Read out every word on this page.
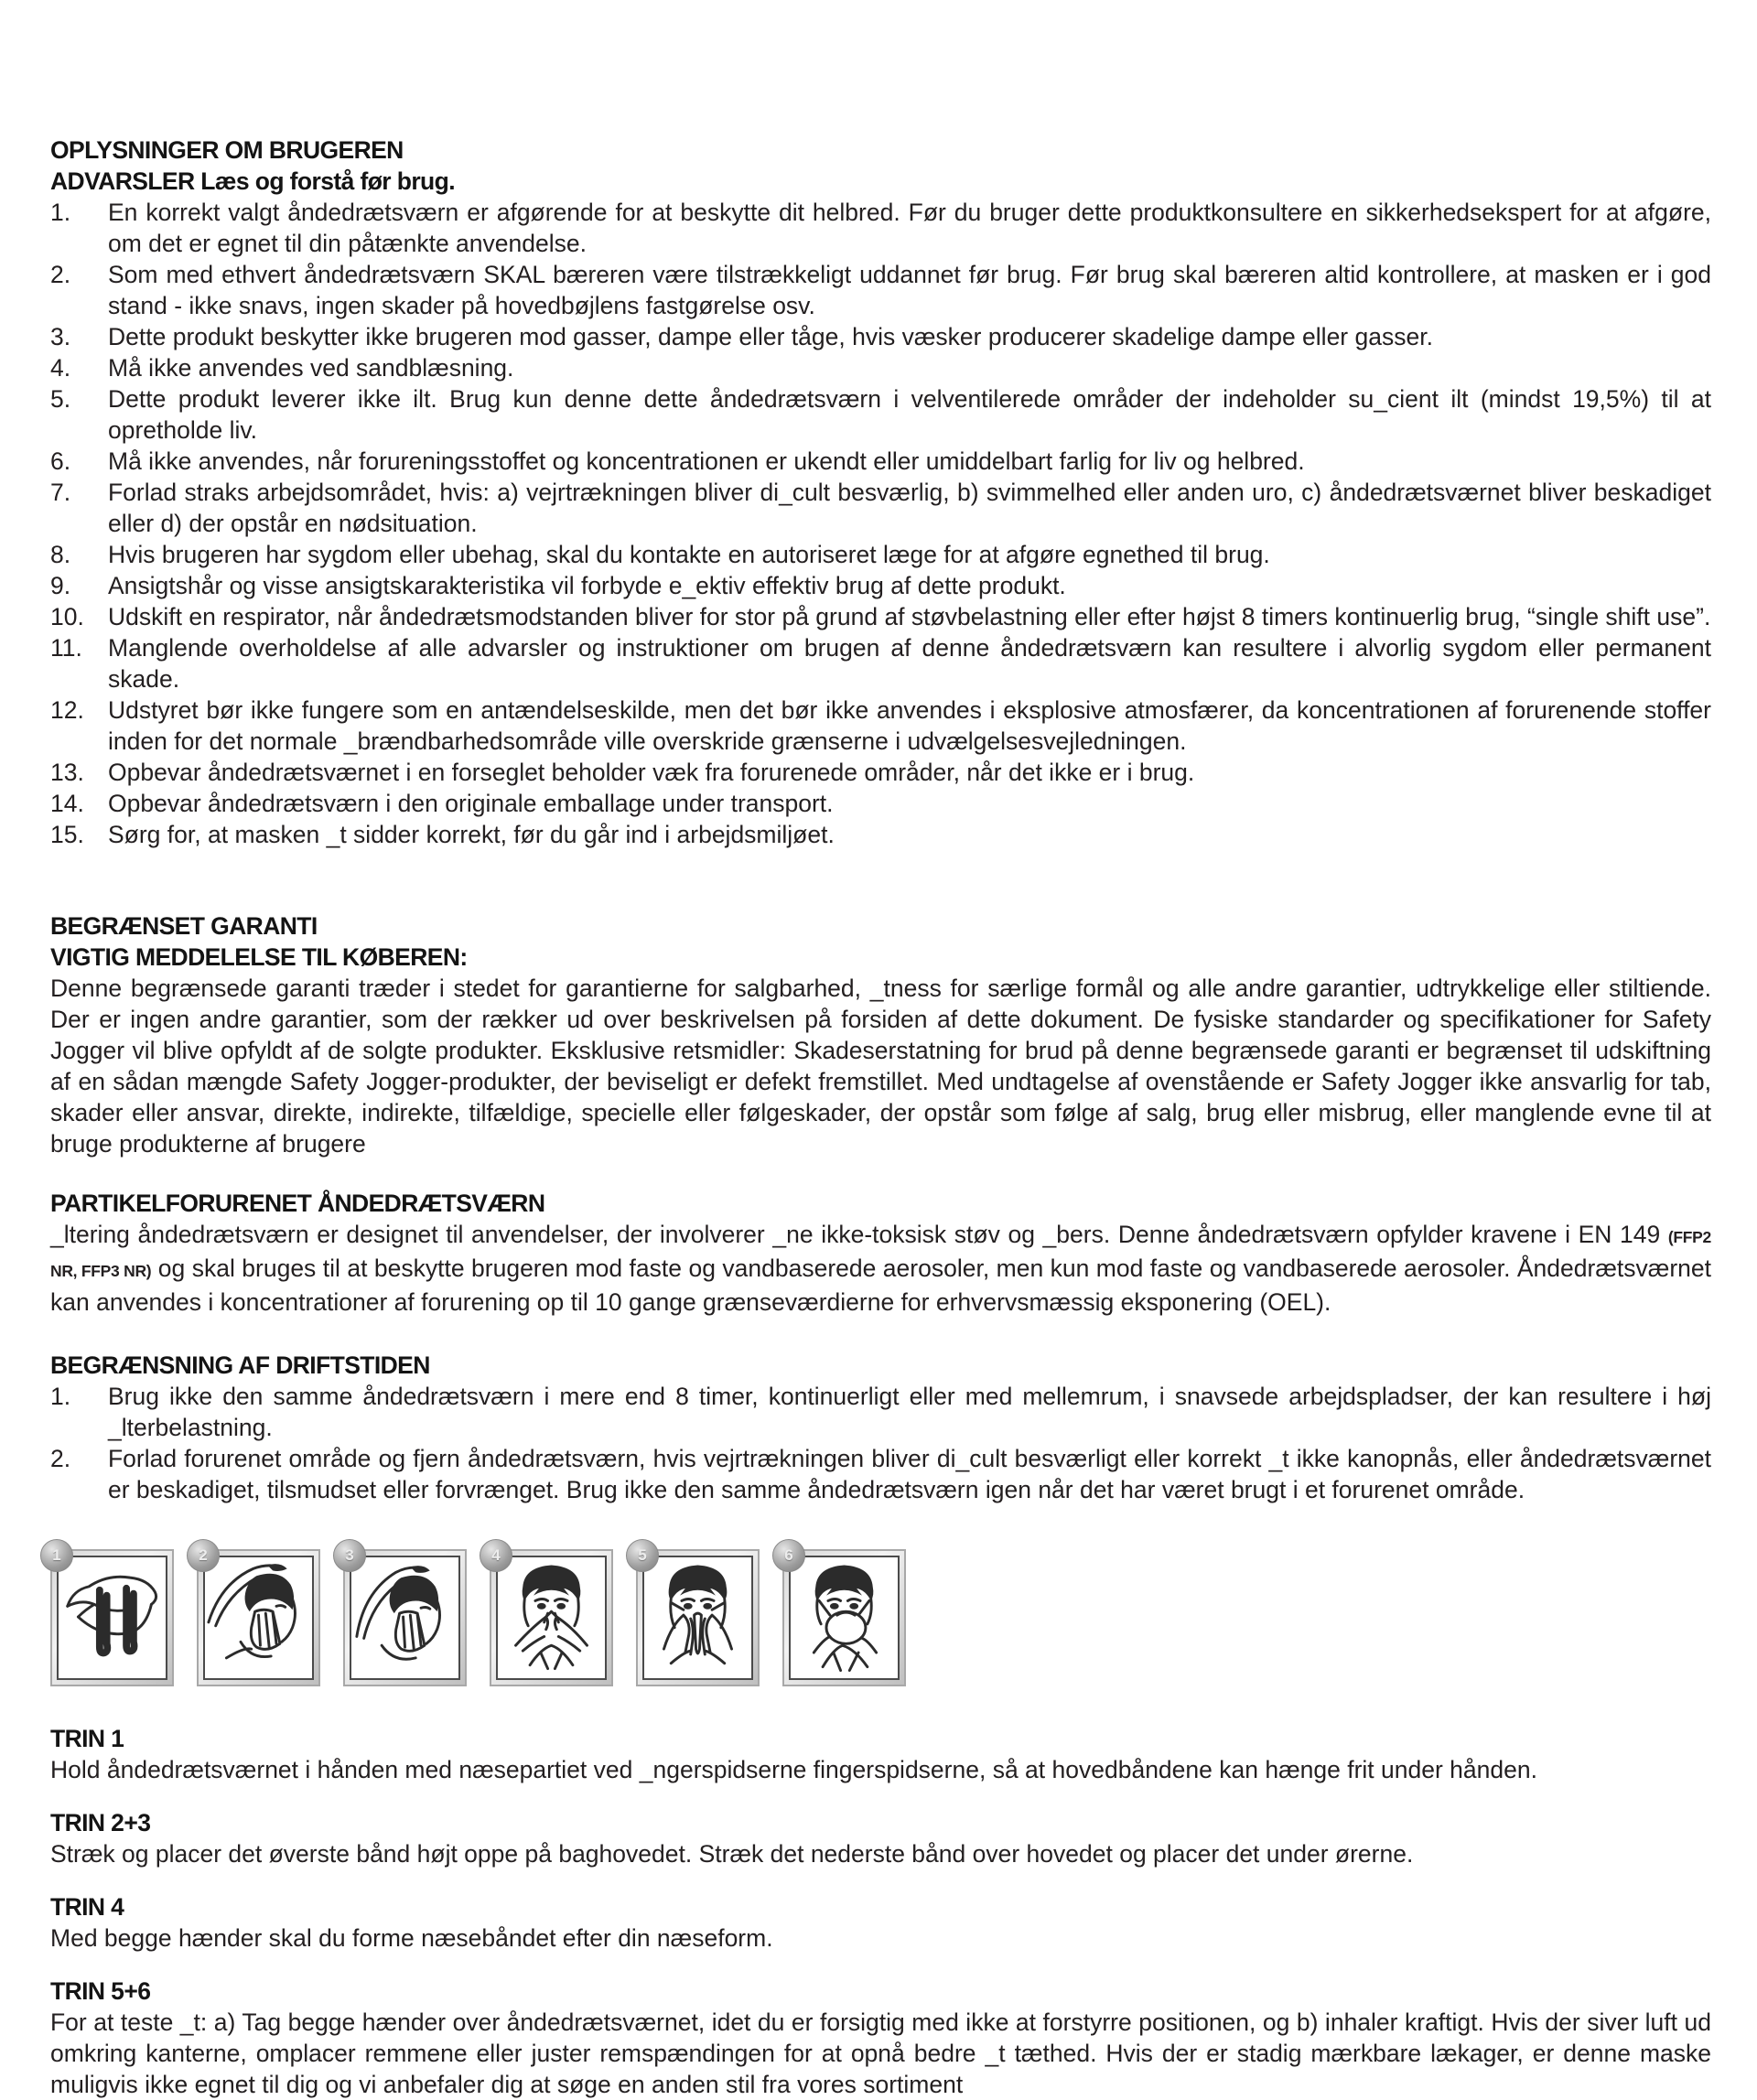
OPLYSNINGER OM BRUGEREN
ADVARSLER Læs og forstå før brug.
1.	En korrekt valgt åndedrætsværn er afgørende for at beskytte dit helbred. Før du bruger dette produktkonsultere en sikkerhedsekspert for at afgøre, om det er egnet til din påtænkte anvendelse.
2.	Som med ethvert åndedrætsværn SKAL bæreren være tilstrækkeligt uddannet før brug. Før brug skal bæreren altid kontrollere, at masken er i god stand - ikke snavs, ingen skader på hovedbøjlens fastgørelse osv.
3.	Dette produkt beskytter ikke brugeren mod gasser, dampe eller tåge, hvis væsker producerer skadelige dampe eller gasser.
4.	Må ikke anvendes ved sandblæsning.
5.	Dette produkt leverer ikke ilt. Brug kun denne dette åndedrætsværn i velventilerede områder der indeholder su_cient ilt (mindst 19,5%) til at opretholde liv.
6.	Må ikke anvendes, når forureningsstoffet og koncentrationen er ukendt eller umiddelbart farlig for liv og helbred.
7.	Forlad straks arbejdsområdet, hvis: a) vejrtrækningen bliver di_cult besværlig, b) svimmelhed eller anden uro, c) åndedrætsværnet bliver beskadiget eller d) der opstår en nødsituation.
8.	Hvis brugeren har sygdom eller ubehag, skal du kontakte en autoriseret læge for at afgøre egnethed til brug.
9.	Ansigtshår og visse ansigtskarakteristika vil forbyde e_ektiv effektiv brug af dette produkt.
10. Udskift en respirator, når åndedrætsmodstanden bliver for stor på grund af støvbelastning eller efter højst 8 timers kontinuerlig brug, “single shift use”.
11.	Manglende overholdelse af alle advarsler og instruktioner om brugen af denne åndedrætsværn kan resultere i alvorlig sygdom eller permanent skade.
12. Udstyret bør ikke fungere som en antændelseskilde, men det bør ikke anvendes i eksplosive atmosfærer, da koncentrationen af forurenende stoffer inden for det normale _brændbarhedsområde ville overskride grænserne i udvælgelsesvejledningen.
13. Opbevar åndedrætsværnet i en forseglet beholder væk fra forurenede områder, når det ikke er i brug.
14. Opbevar åndedrætsværn i den originale emballage under transport.
15. Sørg for, at masken _t sidder korrekt, før du går ind i arbejdsmiljøet.
BEGRÆNSET GARANTI
VIGTIG MEDDELELSE TIL KØBEREN:

Denne begrænsede garanti træder i stedet for garantierne for salgbarhed, _tness for særlige formål og alle andre garantier, udtrykkelige eller stiltiende. Der er ingen andre garantier, som der rækker ud over beskrivelsen på forsiden af dette dokument. De fysiske standarder og specifikationer for Safety Jogger vil blive opfyldt af de solgte produkter. Eksklusive retsmidler: Skadeserstatning for brud på denne begrænsede garanti er begrænset til udskiftning af en sådan mængde Safety Jogger-produkter, der beviseligt er defekt fremstillet. Med undtagelse af ovenstående er Safety Jogger ikke ansvarlig for tab, skader eller ansvar, direkte, indirekte, tilfældige, specielle eller følgeskader, der opstår som følge af salg, brug eller misbrug, eller manglende evne til at bruge produkterne af brugere

PARTIKELFORURENET ÅNDEDRÆTSVÆRN

_ltering åndedrætsværn er designet til anvendelser, der involverer _ne ikke-toksisk støv og _bers. Denne åndedrætsværn opfylder kravene i EN 149 (FFP2 NR, FFP3 NR) og skal bruges til at beskytte brugeren mod faste og vandbaserede aerosoler, men kun mod faste og vandbaserede aerosoler. Åndedrætsværnet kan anvendes i koncentrationer af forurening op til 10 gange grænseværdierne for erhvervsmæssig eksponering (OEL).

BEGRÆNSNING AF DRIFTSTIDEN
1.	Brug ikke den samme åndedrætsværn i mere end 8 timer, kontinuerligt eller med mellemrum, i snavsede arbejdspladser, der kan resultere i høj _lterbelastning.
2.	Forlad forurenet område og fjern åndedrætsværn, hvis vejrtrækningen bliver di_cult besværligt eller korrekt _t ikke kanopnås, eller åndedrætsværnet er beskadiget, tilsmudset eller forvrænget. Brug ikke den samme åndedrætsværn igen når det har været brugt i et forurenet område.
1	2	3	4	5	6
TRIN 1

Hold åndedrætsværnet i hånden med næsepartiet ved _ngerspidserne fingerspidserne, så at hovedbåndene kan hænge frit under hånden.

TRIN 2+3

Stræk og placer det øverste bånd højt oppe på baghovedet. Stræk det nederste bånd over hovedet og placer det under ørerne.

TRIN 4

Med begge hænder skal du forme næsebåndet efter din næseform.

TRIN 5+6

For at teste _t: a) Tag begge hænder over åndedrætsværnet, idet du er forsigtig med ikke at forstyrre positionen, og b) inhaler kraftigt. Hvis der siver luft ud omkring kanterne, omplacer remmene eller juster remspændingen for at opnå bedre _t tæthed. Hvis der er stadig mærkbare lækager, er denne maske muligvis ikke egnet til dig og vi anbefaler dig at søge en anden stil fra vores sortiment
